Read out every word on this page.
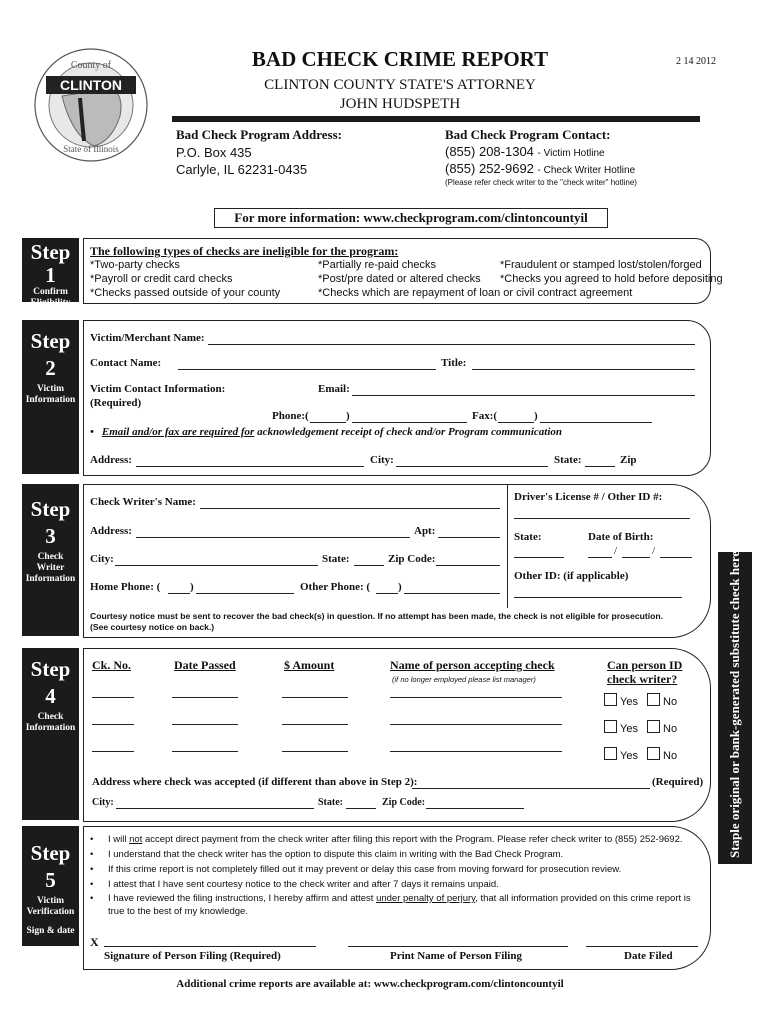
2 14 2012
CLINTON
County of
State of Illinois
BAD CHECK CRIME REPORT
CLINTON COUNTY STATE'S ATTORNEY
JOHN HUDSPETH
Bad Check Program Address:
P.O. Box 435
Carlyle, IL 62231-0435
Bad Check Program Contact:
(855) 208-1304 - Victim Hotline
(855) 252-9692 - Check Writer Hotline
(Please refer check writer to the "check writer" hotline)
For more information: www.checkprogram.com/clintoncountyil
Step
1
Confirm
Eligibility
The following types of checks are ineligible for the program:
*Two-party checks	*Partially re-paid checks	*Fraudulent or stamped lost/stolen/forged
*Payroll or credit card checks	*Post/pre dated or altered checks *Checks you agreed to hold before depositing
*Checks passed outside of your county	*Checks which are repayment of loan or civil contract agreement
Step
2
Victim
Information
Victim/Merchant Name:
Contact Name:	Title:
Victim Contact Information:
(Required)
Email:
Phone:(	)	Fax:(	)
• Email and/or fax are required for acknowledgement receipt of check and/or Program communication
Address:	City:	State:	Zip
Step
3
Check
Writer
Information
Check Writer's Name:
Address:	Apt:
City:	State:	Zip Code:
Home Phone: (	)	Other Phone: (	)
Driver's License # / Other ID #:
State:	Date of Birth:
/	/
Other ID: (if applicable)
Courtesy notice must be sent to recover the bad check(s) in question. If no attempt has been made, the check is not eligible for prosecution.
(See courtesy notice on back.)
Step
4
Check
Information
Ck. No.	Date Passed	$ Amount	Name of person accepting check
(if no longer employed please list manager)
Can person ID
check writer?
Yes No
Yes No
Yes No
Address where check was accepted (if different than above in Step 2):	(Required)
City:	State:	Zip Code:
Step
5
Victim
Verification
Sign & date
• I will not accept direct payment from the check writer after filing this report with the Program. Please refer check writer to (855) 252-9692.
• I understand that the check writer has the option to dispute this claim in writing with the Bad Check Program.
• If this crime report is not completely filled out it may prevent or delay this case from moving forward for prosecution review.
• I attest that I have sent courtesy notice to the check writer and after 7 days it remains unpaid.
• I have reviewed the filing instructions, I hereby affirm and attest under penalty of perjury, that all information provided on this crime report is true to the best of my knowledge.
X
Signature of Person Filing (Required)	Print Name of Person Filing	Date Filed
Staple original or bank-generated substitute check here
Additional crime reports are available at: www.checkprogram.com/clintoncountyil
